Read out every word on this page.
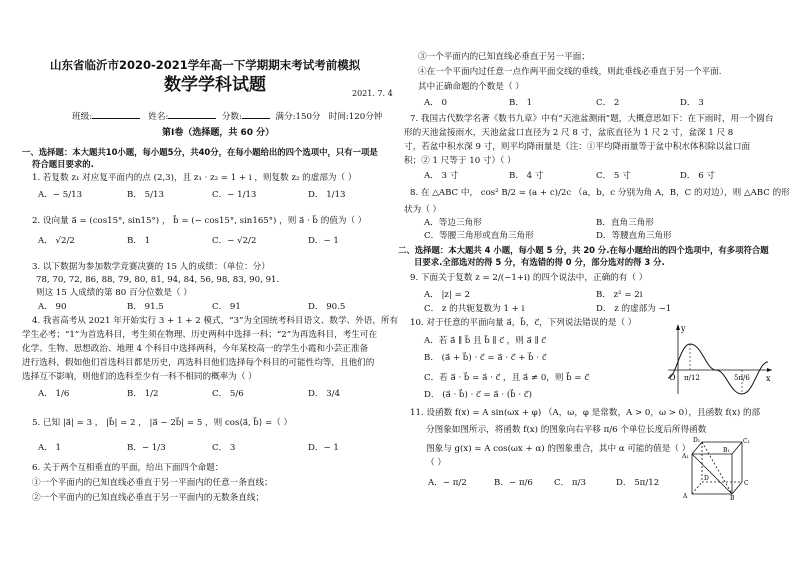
山东省临沂市2020-2021学年高一下学期期末考试考前模拟
数学学科试题	2021. 7. 4
班级:	姓名:	分数:	满分:150分 时间:120分钟
第Ⅰ卷（选择题，共 60 分）
一、选择题：本大题共10小题，每小题5分，共40分，在每小题给出的四个选项中，只有一项是
符合题目要求的.
1. 若复数 z₁ 对应复平面内的点 (2,3)，且 z₁ · z₂ = 1 + i ，则复数 z₂ 的虚部为（ ）
A．− 5/13	B． 5/13	C．− 1/13	D． 1/13
2. 设向量 a⃗ = (cos15°, sin15°) ， b⃗ = (− cos15°, sin165°) ，则 a⃗ · b⃗ 的值为（ ）
A． √2/2	B． 1	C．− √2/2	D．− 1
3. 以下数据为参加数学竞赛决赛的 15 人的成绩：（单位：分）
78, 70, 72, 86, 88, 79, 80, 81, 94, 84, 56, 98, 83, 90, 91.
则这 15 人成绩的第 80 百分位数是（ ）
A． 90	B． 91.5	C． 91	D． 90.5
4. 我省高考从 2021 年开始实行 3 + 1 + 2 模式，“3”为全国统考科目语文、数学、外语，所有
学生必考；“1”为首选科目，考生须在物理、历史两科中选择一科；“2”为再选科目，考生可在
化学、生物、思想政治、地理 4 个科目中选择两科，今年某校高一的学生小霞和小芸正准备
进行选科，假如他们首选科目都是历史，再选科目他们选择每个科目的可能性均等，且他们的
选择互不影响，则他们的选科至少有一科不相同的概率为（ ）
A． 1/6	B． 1/2	C． 5/6	D． 3/4
5. 已知 |a⃗| = 3 ， |b⃗| = 2 ， |a⃗ − 2b⃗| = 5 ，则 cos⟨a⃗, b⃗⟩ =（ ）
A． 1	B．− 1/3	C． 3	D．− 1
6. 关于两个互相垂直的平面，给出下面四个命题：
①一个平面内的已知直线必垂直于另一平面内的任意一条直线；
②一个平面内的已知直线必垂直于另一平面内的无数条直线；
③一个平面内的已知直线必垂直于另一平面；
④在一个平面内过任意一点作两平面交线的垂线，则此垂线必垂直于另一个平面.
其中正确命题的个数是（ ）
A． 0	B． 1	C． 2	D． 3
7. 我国古代数学名著《数书九章》中有“天池盆测雨”题，大概意思如下：在下雨时，用一个圆台
形的天池盆接雨水，天池盆盆口直径为 2 尺 8 寸，盆底直径为 1 尺 2 寸，盆深 1 尺 8
寸，若盆中积水深 9 寸，则平均降雨量是（注：①平均降雨量等于盆中积水体积除以盆口面
积；② 1 尺等于 10 寸）（ ）
A． 3 寸	B． 4 寸	C． 5 寸	D． 6 寸
8. 在 △ABC 中， cos² B/2 = (a + c)/2c （a，b，c 分别为角 A，B，C 的对边），则 △ABC 的形
状为（ ）
A．等边三角形	B．直角三角形
C．等腰三角形或直角三角形	D．等腰直角三角形
二、选择题：本大题共 4 小题，每小题 5 分，共 20 分.在每小题给出的四个选项中，有多项符合题
目要求.全部选对的得 5 分，有选错的得 0 分，部分选对的得 3 分.
9. 下面关于复数 z = 2/(−1+i) 的四个说法中，正确的有（ ）
A． |z| = 2	B． z² = 2i
C． z 的共轭复数为 1 + i	D． z 的虚部为 −1
10. 对于任意的平面向量 a⃗，b⃗，c⃗，下列说法错误的是（ ）
A．若 a⃗ ∥ b⃗ 且 b⃗ ∥ c⃗ ，则 a⃗ ∥ c⃗
B． (a⃗ + b⃗) · c⃗ = a⃗ · c⃗ + b⃗ · c⃗
C．若 a⃗ · b⃗ = a⃗ · c⃗ ，且 a⃗ ≠ 0，则 b⃗ = c⃗
D． (a⃗ · b⃗) · c⃗ = a⃗ · (b⃗ · c⃗)
y
x
O π/12	5π/6
11. 设函数 f(x) = A sin(ωx + φ) （A，ω，φ 是常数，A > 0，ω > 0），且函数 f(x) 的部
分图象如图所示，将函数 f(x) 的图象向右平移 π/6 个单位长度后所得函数
图象与 g(x) = A cos(ωx + α) 的图象重合，其中 α 可能的值是（ ）
（ ）
A．− π/2	B．− π/6 C． π/3	D． 5π/12
A₁
B₁
C₁
D₁
A	B
C
D
